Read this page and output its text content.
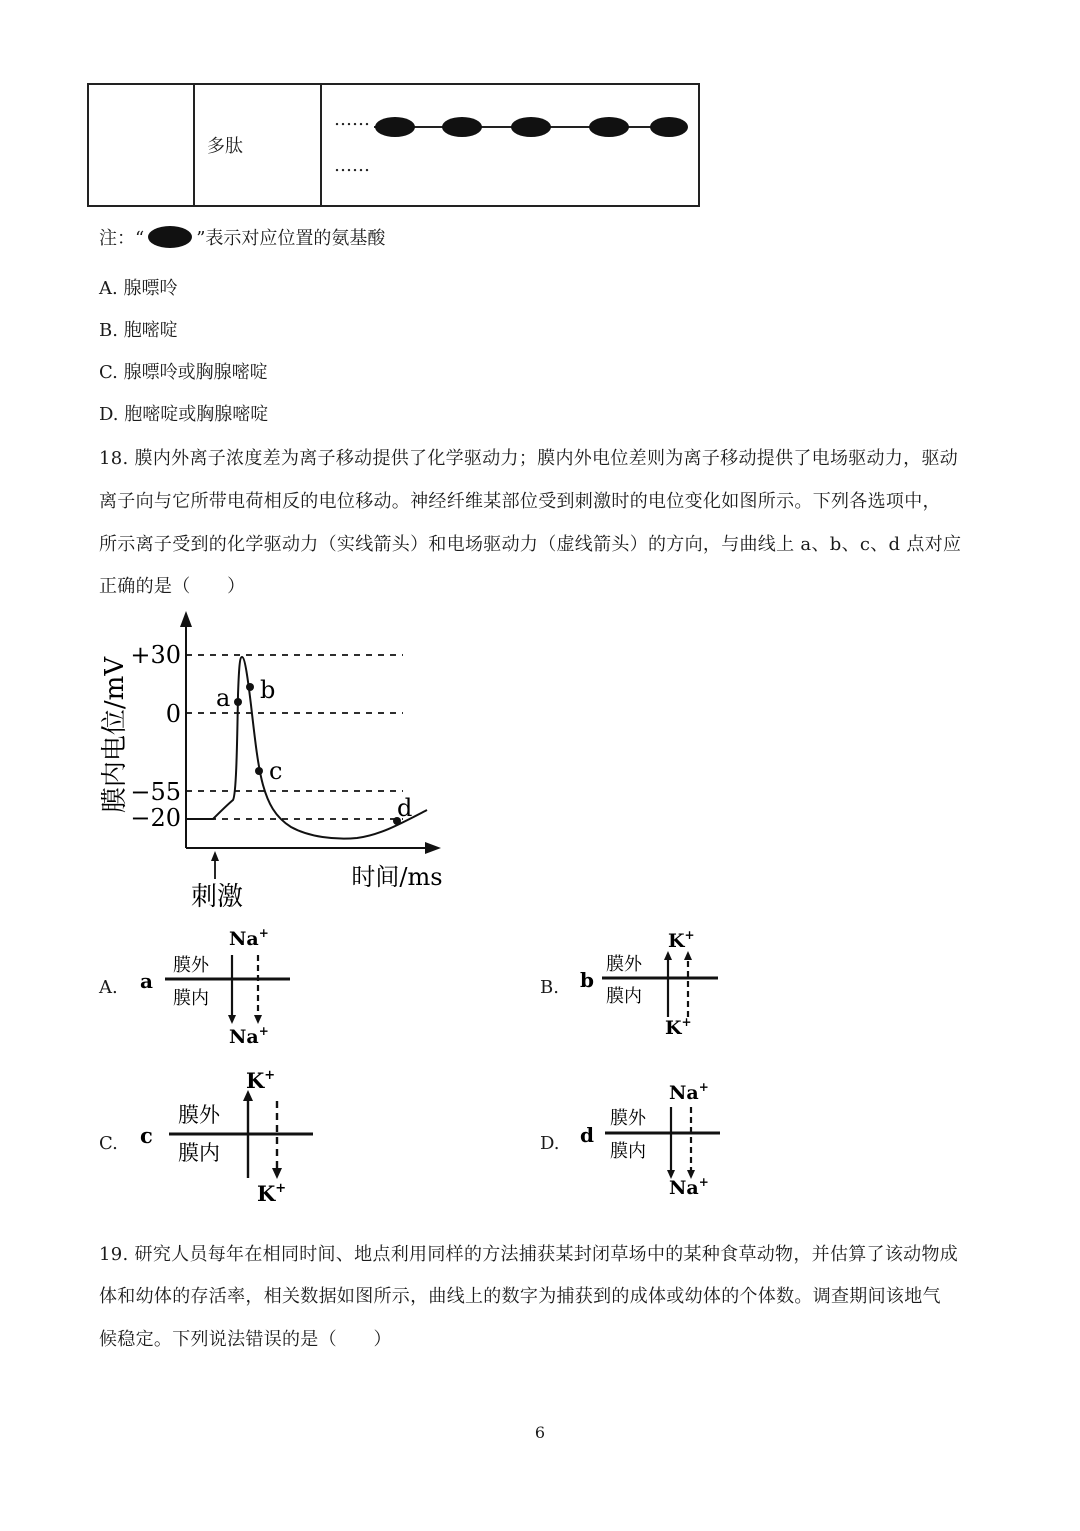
	多肽	
……
……
注：“	”表示对应位置的氨基酸
A. 腺嘌呤
B. 胞嘧啶
C. 腺嘌呤或胸腺嘧啶
D. 胞嘧啶或胸腺嘧啶
18. 膜内外离子浓度差为离子移动提供了化学驱动力；膜内外电位差则为离子移动提供了电场驱动力，驱动
离子向与它所带电荷相反的电位移动。神经纤维某部位受到刺激时的电位变化如图所示。下列各选项中，
所示离子受到的化学驱动力（实线箭头）和电场驱动力（虚线箭头）的方向，与曲线上 a、b、c、d 点对应
正确的是（　　）
膜内电位/mV
+30
0
−55
−20
a b
c
d
刺激
时间/ms
A. a
膜外
膜内
Na+
Na+
B. b
膜外
膜内
K+
K+
C. c
膜外
膜内
K+
K+
D. d
膜外
膜内
Na+
Na+
19. 研究人员每年在相同时间、地点利用同样的方法捕获某封闭草场中的某种食草动物，并估算了该动物成
体和幼体的存活率，相关数据如图所示，曲线上的数字为捕获到的成体或幼体的个体数。调查期间该地气
候稳定。下列说法错误的是（　　）
6
